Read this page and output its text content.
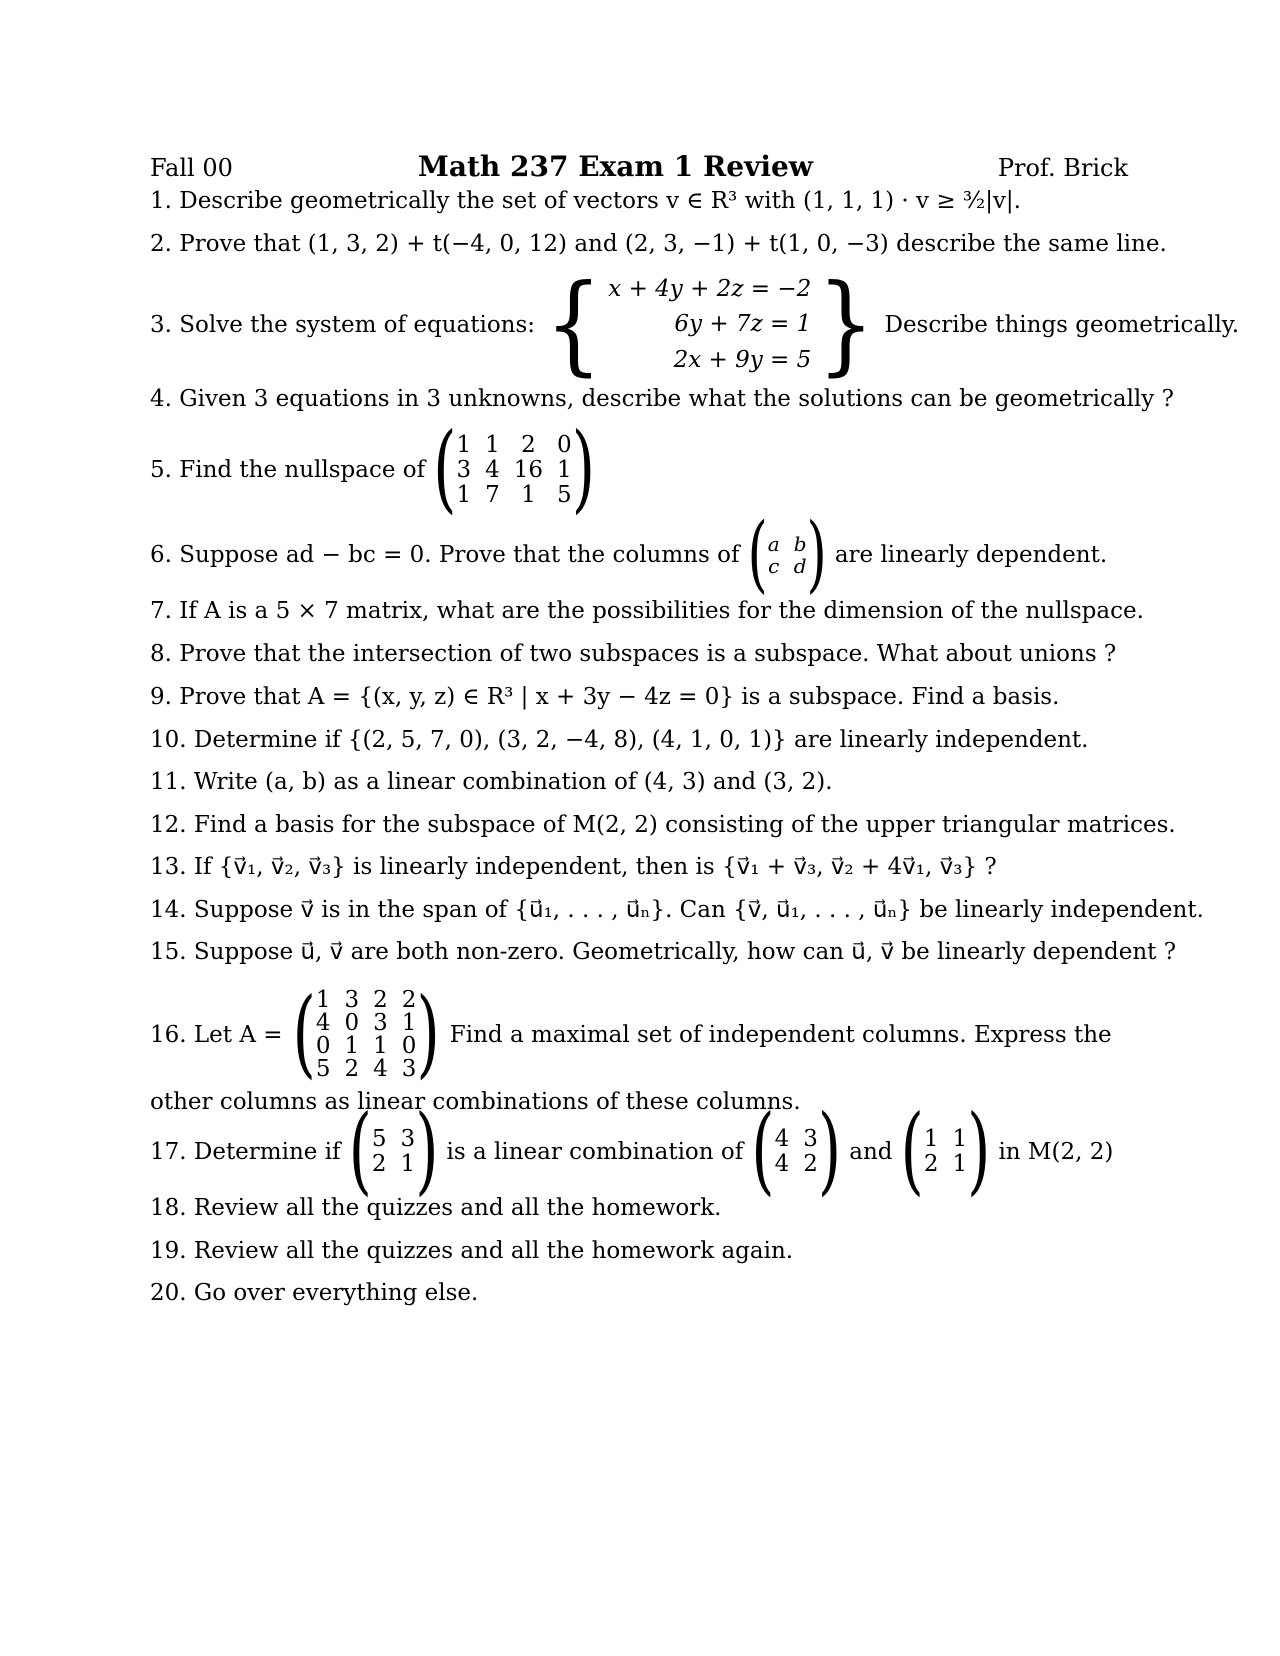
Fall 00	Math 237 Exam 1 Review	Prof. Brick
1. Describe geometrically the set of vectors v ∈ R³ with (1, 1, 1) · v ≥ ³⁄₂|v|.
2. Prove that (1, 3, 2) + t(−4, 0, 12) and (2, 3, −1) + t(1, 0, −3) describe the same line.
3. Solve the system of equations: { x + 4y + 2z = −2
6y + 7z = 1
2x + 9y = 5 } Describe things geometrically.
4. Given 3 equations in 3 unknowns, describe what the solutions can be geometrically ?
5. Find the nullspace of ( 1 1 2 0
3 4 16 1
1 7 1 5 )
6. Suppose ad − bc = 0. Prove that the columns of ( a b
c d ) are linearly dependent.
7. If A is a 5 × 7 matrix, what are the possibilities for the dimension of the nullspace.
8. Prove that the intersection of two subspaces is a subspace. What about unions ?
9. Prove that A = {(x, y, z) ∈ R³ | x + 3y − 4z = 0} is a subspace. Find a basis.
10. Determine if {(2, 5, 7, 0), (3, 2, −4, 8), (4, 1, 0, 1)} are linearly independent.
11. Write (a, b) as a linear combination of (4, 3) and (3, 2).
12. Find a basis for the subspace of M(2, 2) consisting of the upper triangular matrices.
13. If {v⃗₁, v⃗₂, v⃗₃} is linearly independent, then is {v⃗₁ + v⃗₃, v⃗₂ + 4v⃗₁, v⃗₃} ?
14. Suppose v⃗ is in the span of {u⃗₁, . . . , u⃗ₙ}. Can {v⃗, u⃗₁, . . . , u⃗ₙ} be linearly independent.
15. Suppose u⃗, v⃗ are both non-zero. Geometrically, how can u⃗, v⃗ be linearly dependent ?
16. Let A = ( 1 3 2 2
4 0 3 1
0 1 1 0
5 2 4 3 ) Find a maximal set of independent columns. Express the
other columns as linear combinations of these columns.
17. Determine if ( 5 3
2 1 ) is a linear combination of ( 4 3
4 2 ) and ( 1 1
2 1 ) in M(2, 2)
18. Review all the quizzes and all the homework.
19. Review all the quizzes and all the homework again.
20. Go over everything else.
